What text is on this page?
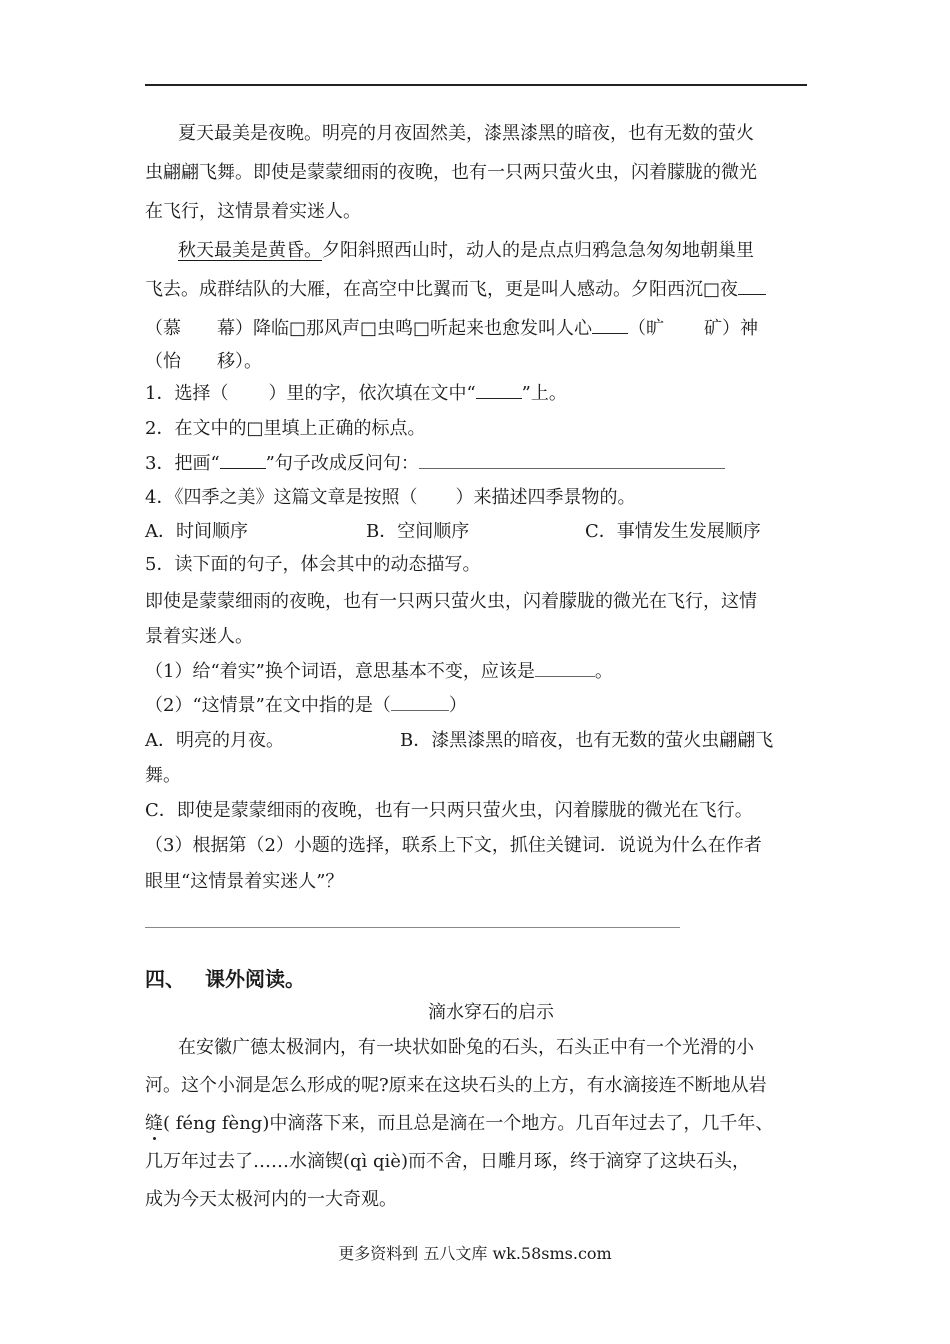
夏天最美是夜晚。明亮的月夜固然美，漆黑漆黑的暗夜，也有无数的萤火
虫翩翩飞舞。即使是蒙蒙细雨的夜晚，也有一只两只萤火虫，闪着朦胧的微光
在飞行，这情景着实迷人。
秋天最美是黄昏。夕阳斜照西山时，动人的是点点归鸦急急匆匆地朝巢里
飞去。成群结队的大雁，在高空中比翼而飞，更是叫人感动。夕阳西沉□夜
（慕 幕）降临□那风声□虫鸣□听起来也愈发叫人心 （旷 矿）神
（怡 移）。
1．选择（ ）里的字，依次填在文中“	”上。
2．在文中的□里填上正确的标点。
3．把画“	”句子改成反问句：
4．《四季之美》这篇文章是按照（ ）来描述四季景物的。
A．时间顺序	B．空间顺序	C．事情发生发展顺序
5．读下面的句子，体会其中的动态描写。
即使是蒙蒙细雨的夜晚，也有一只两只萤火虫，闪着朦胧的微光在飞行，这情
景着实迷人。
（1）给“着实”换个词语，意思基本不变，应该是	。
（2）“这情景”在文中指的是（	）
A．明亮的月夜。	B．漆黑漆黑的暗夜，也有无数的萤火虫翩翩飞
舞。
C．即使是蒙蒙细雨的夜晚，也有一只两只萤火虫，闪着朦胧的微光在飞行。
（3）根据第（2）小题的选择，联系上下文，抓住关键词．说说为什么在作者
眼里“这情景着实迷人”？
四、 课外阅读。
滴水穿石的启示
在安徽广德太极洞内，有一块状如卧兔的石头，石头正中有一个光滑的小
河。这个小洞是怎么形成的呢?原来在这块石头的上方，有水滴接连不断地从岩
缝( féng fèng)中滴落下来，而且总是滴在一个地方。几百年过去了，几千年、
几万年过去了……水滴锲(qì qiè)而不舍，日雕月琢，终于滴穿了这块石头，
成为今天太极河内的一大奇观。
更多资料到 五八文库 wk.58sms.com
